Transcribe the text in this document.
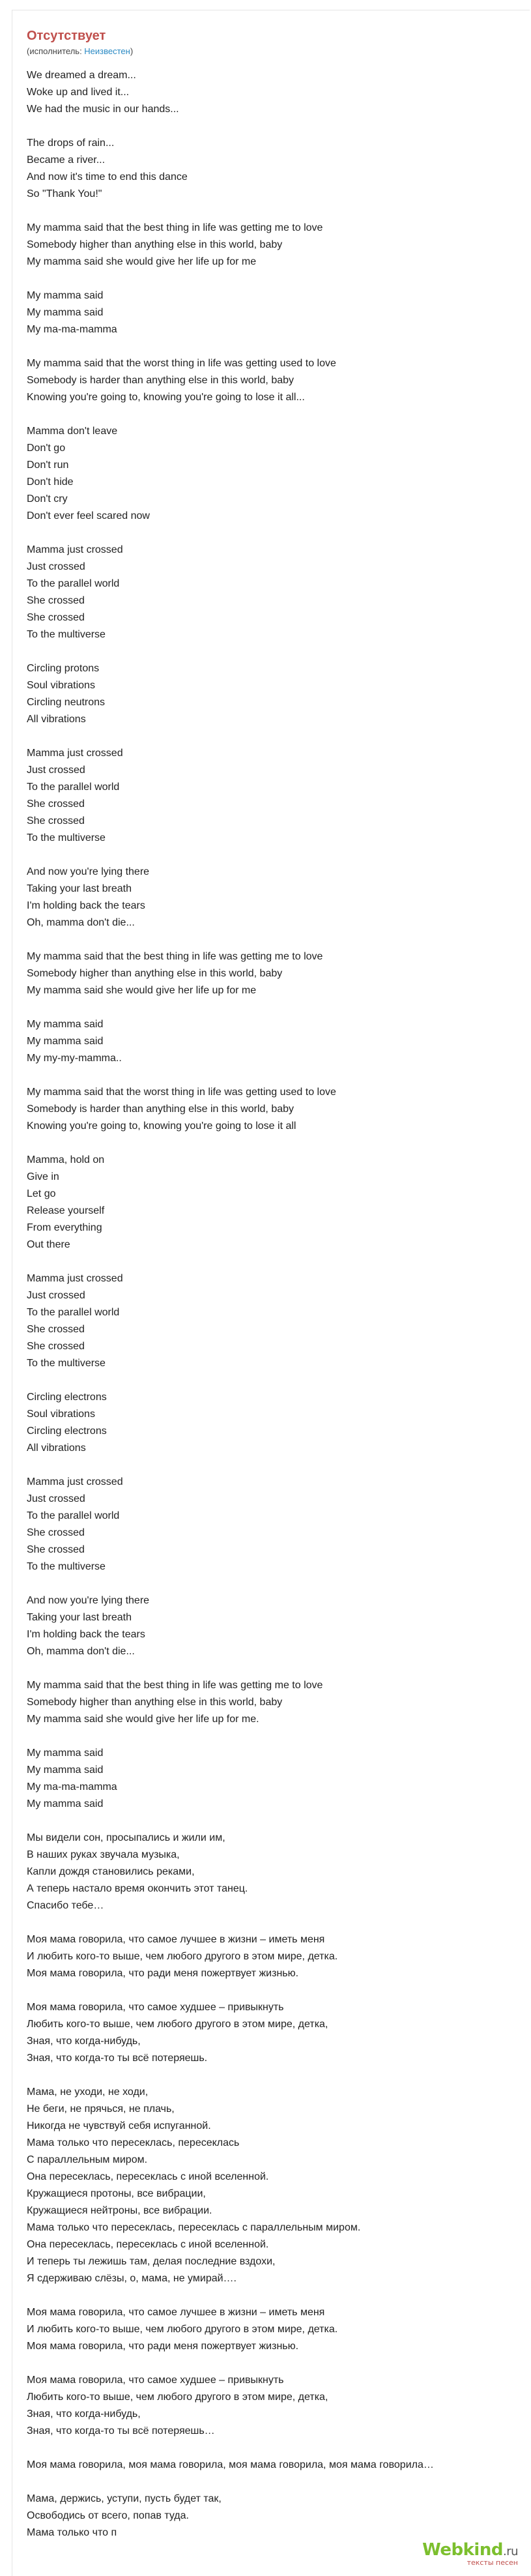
Отсутствует
(исполнитель: Неизвестен)
We dreamed a dream...
Woke up and lived it...
We had the music in our hands...

The drops of rain...
Became a river...
And now it's time to end this dance
So "Thank You!"

My mamma said that the best thing in life was getting me to love
Somebody higher than anything else in this world, baby
My mamma said she would give her life up for me

My mamma said
My mamma said
My ma-ma-mamma

My mamma said that the worst thing in life was getting used to love
Somebody is harder than anything else in this world, baby
Knowing you're going to, knowing you're going to lose it all...

Mamma don't leave
Don't go
Don't run
Don't hide
Don't cry
Don't ever feel scared now

Mamma just crossed
Just crossed
To the parallel world
She crossed
She crossed
To the multiverse

Circling protons
Soul vibrations
Circling neutrons
All vibrations

Mamma just crossed
Just crossed
To the parallel world
She crossed
She crossed
To the multiverse

And now you're lying there
Taking your last breath
I'm holding back the tears
Oh, mamma don't die...

My mamma said that the best thing in life was getting me to love
Somebody higher than anything else in this world, baby
My mamma said she would give her life up for me

My mamma said
My mamma said
My my-my-mamma..

My mamma said that the worst thing in life was getting used to love
Somebody is harder than anything else in this world, baby
Knowing you're going to, knowing you're going to lose it all

Mamma, hold on
Give in
Let go
Release yourself
From everything
Out there

Mamma just crossed
Just crossed
To the parallel world
She crossed
She crossed
To the multiverse

Circling electrons
Soul vibrations
Circling electrons
All vibrations

Mamma just crossed
Just crossed
To the parallel world
She crossed
She crossed
To the multiverse

And now you're lying there
Taking your last breath
I'm holding back the tears
Oh, mamma don't die...

My mamma said that the best thing in life was getting me to love
Somebody higher than anything else in this world, baby
My mamma said she would give her life up for me.

My mamma said
My mamma said
My ma-ma-mamma
My mamma said

Мы видели сон, просыпались и жили им,
В наших руках звучала музыка,
Капли дождя становились реками,
А теперь настало время окончить этот танец.
Спасибо тебе…

Моя мама говорила, что самое лучшее в жизни – иметь меня
И любить кого-то выше, чем любого другого в этом мире, детка.
Моя мама говорила, что ради меня пожертвует жизнью.

Моя мама говорила, что самое худшее – привыкнуть
Любить кого-то выше, чем любого другого в этом мире, детка,
Зная, что когда-нибудь,
Зная, что когда-то ты всё потеряешь.

Мама, не уходи, не ходи,
Не беги, не прячься, не плачь,
Никогда не чувствуй себя испуганной.
Мама только что пересеклась, пересеклась
С параллельным миром.
Она пересеклась, пересеклась с иной вселенной.
Кружащиеся протоны, все вибрации,
Кружащиеся нейтроны, все вибрации.
Мама только что пересеклась, пересеклась с параллельным миром.
Она пересеклась, пересеклась с иной вселенной.
И теперь ты лежишь там, делая последние вздохи,
Я сдерживаю слёзы, о, мама, не умирай….

Моя мама говорила, что самое лучшее в жизни – иметь меня
И любить кого-то выше, чем любого другого в этом мире, детка.
Моя мама говорила, что ради меня пожертвует жизнью.

Моя мама говорила, что самое худшее – привыкнуть
Любить кого-то выше, чем любого другого в этом мире, детка,
Зная, что когда-нибудь,
Зная, что когда-то ты всё потеряешь…

Моя мама говорила, моя мама говорила, моя мама говорила, моя мама говорила…

Мама, держись, уступи, пусть будет так,
Освободись от всего, попав туда.
Мама только что п
Webkind.ru
тексты песен
